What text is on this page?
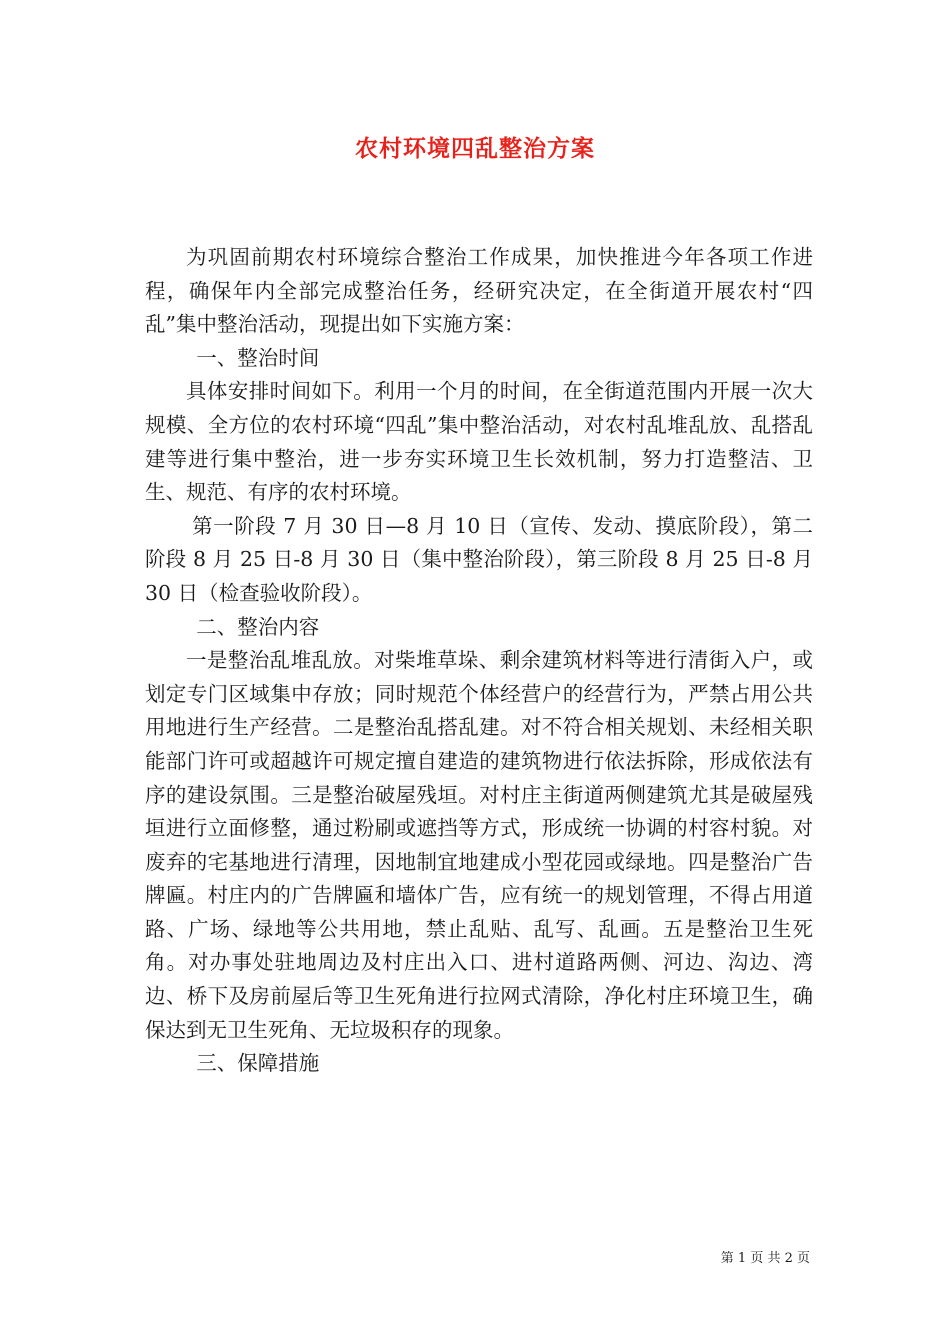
农村环境四乱整治方案

为巩固前期农村环境综合整治工作成果，加快推进今年各项工作进程，确保年内全部完成整治任务，经研究决定，在全街道开展农村“四乱”集中整治活动，现提出如下实施方案：

一、整治时间

具体安排时间如下。利用一个月的时间，在全街道范围内开展一次大规模、全方位的农村环境“四乱”集中整治活动，对农村乱堆乱放、乱搭乱建等进行集中整治，进一步夯实环境卫生长效机制，努力打造整洁、卫生、规范、有序的农村环境。

第一阶段 7 月 30 日—8 月 10 日（宣传、发动、摸底阶段），第二阶段 8 月 25 日-8 月 30 日（集中整治阶段），第三阶段 8 月 25 日-8 月 30 日（检查验收阶段）。

二、整治内容

一是整治乱堆乱放。对柴堆草垛、剩余建筑材料等进行清街入户，或划定专门区域集中存放；同时规范个体经营户的经营行为，严禁占用公共用地进行生产经营。二是整治乱搭乱建。对不符合相关规划、未经相关职能部门许可或超越许可规定擅自建造的建筑物进行依法拆除，形成依法有序的建设氛围。三是整治破屋残垣。对村庄主街道两侧建筑尤其是破屋残垣进行立面修整，通过粉刷或遮挡等方式，形成统一协调的村容村貌。对废弃的宅基地进行清理，因地制宜地建成小型花园或绿地。四是整治广告牌匾。村庄内的广告牌匾和墙体广告，应有统一的规划管理，不得占用道路、广场、绿地等公共用地，禁止乱贴、乱写、乱画。五是整治卫生死角。对办事处驻地周边及村庄出入口、进村道路两侧、河边、沟边、湾边、桥下及房前屋后等卫生死角进行拉网式清除，净化村庄环境卫生，确保达到无卫生死角、无垃圾积存的现象。

三、保障措施

第 1 页 共 2 页
